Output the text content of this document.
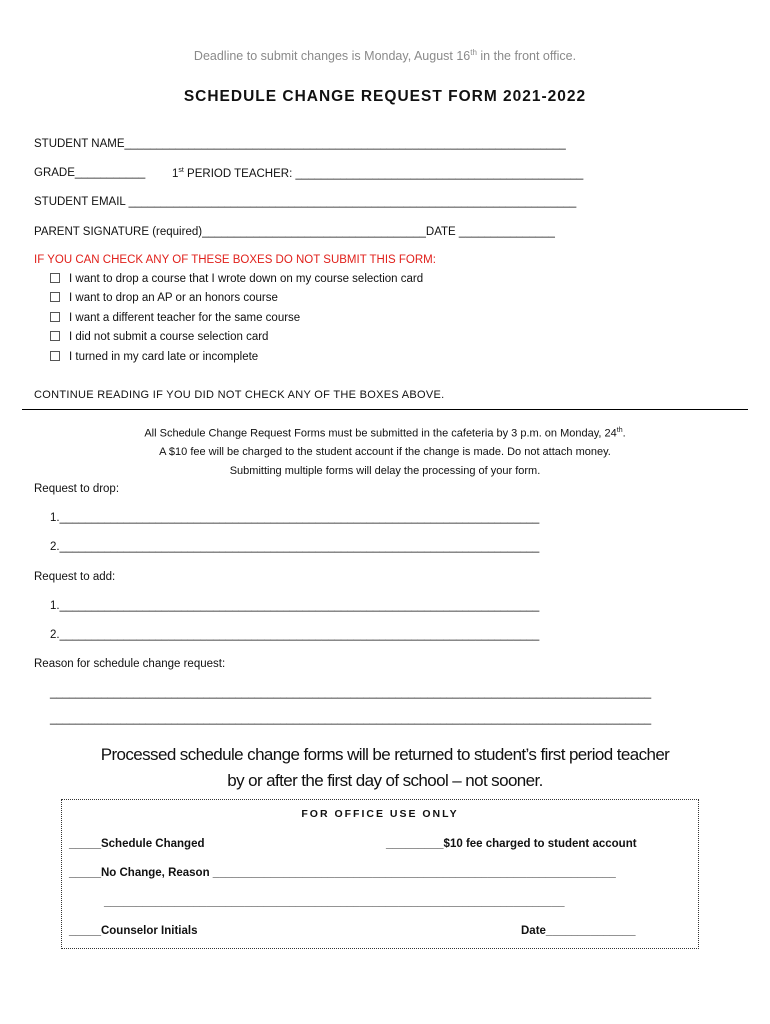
Deadline to submit changes is Monday, August 16th in the front office.
SCHEDULE CHANGE REQUEST FORM 2021-2022
STUDENT NAME_____________________________________________________________________
GRADE___________ 1st PERIOD TEACHER: _____________________________________________
STUDENT EMAIL ______________________________________________________________________
PARENT SIGNATURE (required)___________________________________DATE _______________
IF YOU CAN CHECK ANY OF THESE BOXES DO NOT SUBMIT THIS FORM:
I want to drop a course that I wrote down on my course selection card
I want to drop an AP or an honors course
I want a different teacher for the same course
I did not submit a course selection card
I turned in my card late or incomplete
CONTINUE READING IF YOU DID NOT CHECK ANY OF THE BOXES ABOVE.
All Schedule Change Request Forms must be submitted in the cafeteria by 3 p.m. on Monday, 24th.
A $10 fee will be charged to the student account if the change is made. Do not attach money.
Submitting multiple forms will delay the processing of your form.
Request to drop:
1.___________________________________________________________________________
2.___________________________________________________________________________
Request to add:
1.___________________________________________________________________________
2.___________________________________________________________________________
Reason for schedule change request:
______________________________________________________________________________________________
______________________________________________________________________________________________
Processed schedule change forms will be returned to student’s first period teacher
by or after the first day of school – not sooner.
FOR OFFICE USE ONLY
_____Schedule Changed	_________$10 fee charged to student account
_____No Change, Reason _______________________________________________________________
________________________________________________________________________
_____Counselor Initials	Date______________
